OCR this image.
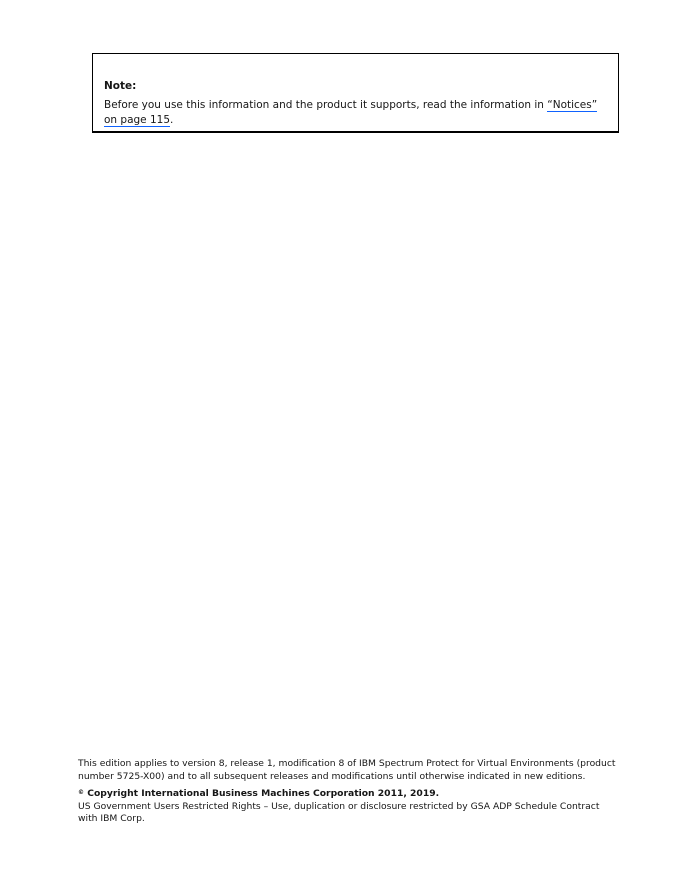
Note:

Before you use this information and the product it supports, read the information in “Notices” on page 115.

This edition applies to version 8, release 1, modification 8 of IBM Spectrum Protect for Virtual Environments (product number 5725-X00) and to all subsequent releases and modifications until otherwise indicated in new editions.

© Copyright International Business Machines Corporation 2011, 2019.

US Government Users Restricted Rights – Use, duplication or disclosure restricted by GSA ADP Schedule Contract with IBM Corp.
